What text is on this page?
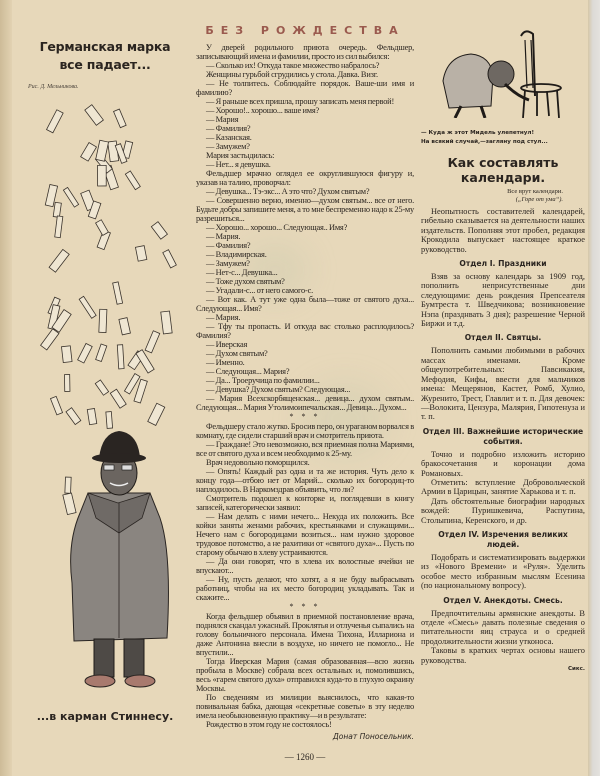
Германская марка
все падает...

Рис. Д. Мельникова.
...в карман Стиннесу.
БЕЗ РОЖДЕСТВА

У дверей родильного приюта очередь. Фельдшер, записывающий имена и фамилии, просто из сил выбился:

— Сколько их! Откуда такое множество набралось?

Женщины гурьбой сгрудились у стола. Давка. Визг.

— Не толпитесь. Соблюдайте порядок. Ваше-ши имя и фамилию?

— Я раньше всех пришла, прошу записать меня первой!

— Хорошо!.. хорошо... ваше имя?

— Мария

— Фамилия?

— Казанская.

— Замужем?

Мария застыдилась:

— Нет... я девушка.

Фельдшер мрачно оглядел ее округлившуюся фигуру и, указав на талию, проворчал:

— Девушка... Тэ-экс... А это что? Духом святым?

— Совершенно верно, именно—духом святым... все от него. Будьте добры запишите меня, а то мне беспременно надо к 25-му разрешиться...

— Хорошо... хорошо... Следующая.. Имя?

— Мария.

— Фамилия?

— Владимирская.

— Замужем?

— Нет-с... Девушка...

— Тоже духом святым?

— Угадали-с... от него самого-с.

— Вот как. А тут уже одна была—тоже от святого духа... Следующая... Имя?

— Мария.

— Тфу ты пропасть. И откуда вас столько расплодилось? Фамилия?

— Иверская

— Духом святым?

— Именно.

— Следующая... Мария?

— Да... Троеручица по фамилии...

— Девушка? Духом святым? Следующая...

— Мария Всехскорбященская... девица... духом святым.. Следующая... Мария Утолимоипечальская... Девица... Духом...

* * *

Фельдшеру стало жутко. Бросив перо, он ураганом ворвался в комнату, где сидели старший врач и смотритель приюта.

— Граждане! Это невозможно, вся приемная полна Мариями, все от святого духа и всем необходимо к 25-му.

Врач недовольно поморщился.

— Опять! Каждый раз одна и та же история. Чуть дело к концу года—отбою нет от Марий... сколько их богородиц-то наплодилось. В Наркомздрав объявить, что ли?

Смотритель подошел к конторке и, поглядевши в книгу записей, категорически заявил:

— Нам делать с ними нечего... Некуда их положить. Все койки заняты женами рабочих, крестьянками и служащими... Нечего нам с богородицами возиться... нам нужно здоровое трудовое потомство, а не рахитики от «святого духа»... Пусть по старому обычаю в хлеву устраиваются.

— Да они говорят, что в хлева их волостные ячейки не впускают...

— Ну, пусть делают, что хотят, а я не буду выбрасывать работниц, чтобы на их место богородиц укладывать. Так и скажите...

* * *

Когда фельдшер объявил в приемной постановление врача, поднялся скандал ужасный. Проклятья и отлученья сыпались на голову больничного персонала. Имена Тихона, Иллариона и даже Антонина внесли в воздухе, но ничего не помогло... Не впустили...

Тогда Иверская Мария (самая образованная—всю жизнь пробыла в Москве) собрала всех остальных и, помолившись, весь «гарем святого духа» отправился куда-то в глухую окраину Москвы.

По сведениям из милиции выяснилось, что какая-то повивальная бабка, дающая «секретные советы» в эту неделю имела необыкновенную практику—и в результате:

Рождество в этом году не состоялось!

Донат Поносельник.
— Куда ж этот Мидель улепетнул!
На всякий случай,—загляну под стул...
Как составлять календари.
Все врут календари.
(„Горе от ума“).

Неопытность составителей календарей, гибельно сказывается на деятельности наших издательств. Пополняя этот пробел, редакция Крокодила выпускает настоящее краткое руководство.

Отдел I. Праздники

Взяв за основу календарь за 1909 год, пополнить неприсутственные дни следующими: день рождения Препсеателя Бумтреста т. Шведчикова; возникновение Нэпа (празднвать 3 дня); разрешение Черной Биржи и т.д.

Отдел II. Святцы.

Пополнить самыми любимыми в рабочих массах именами. Кроме общеупотребительных: Павсикакия, Мефодия, Кифы, ввести для мальчиков имена: Мещерянов, Кастет, Ромб, Хулио, Журенито, Трест, Главлит и т. п. Для девочек:—Волокита, Цензура, Малярия, Гипотенуза и т. п.

Отдел III. Важнейшие исторические события.

Точно и подробно изложить историю бракосочетания и коронации дома Романовых.

Отметить: вступление Добровольческой Армии в Царицын, занятие Харькова и т. п.

Дать обстоятельные биографии народных вождей: Пуришкевича, Распутина, Столыпина, Керенского, и др.

Отдел IV. Изречения великих людей.

Подобрать и систематизировать выдержки из «Нового Времени» и «Руля». Уделить особое место избранным мыслям Есенина (по национальному вопросу).

Отдел V. Анекдоты. Смесь.

Предпочтительны армянские анекдоты. В отделе «Смесь» давать полезные сведения о питательности яиц страуса и о средней продолжительности жизни утконоса.

Таковы в кратких чертах основы нашего руководства.

Сикс.
— 1260 —
